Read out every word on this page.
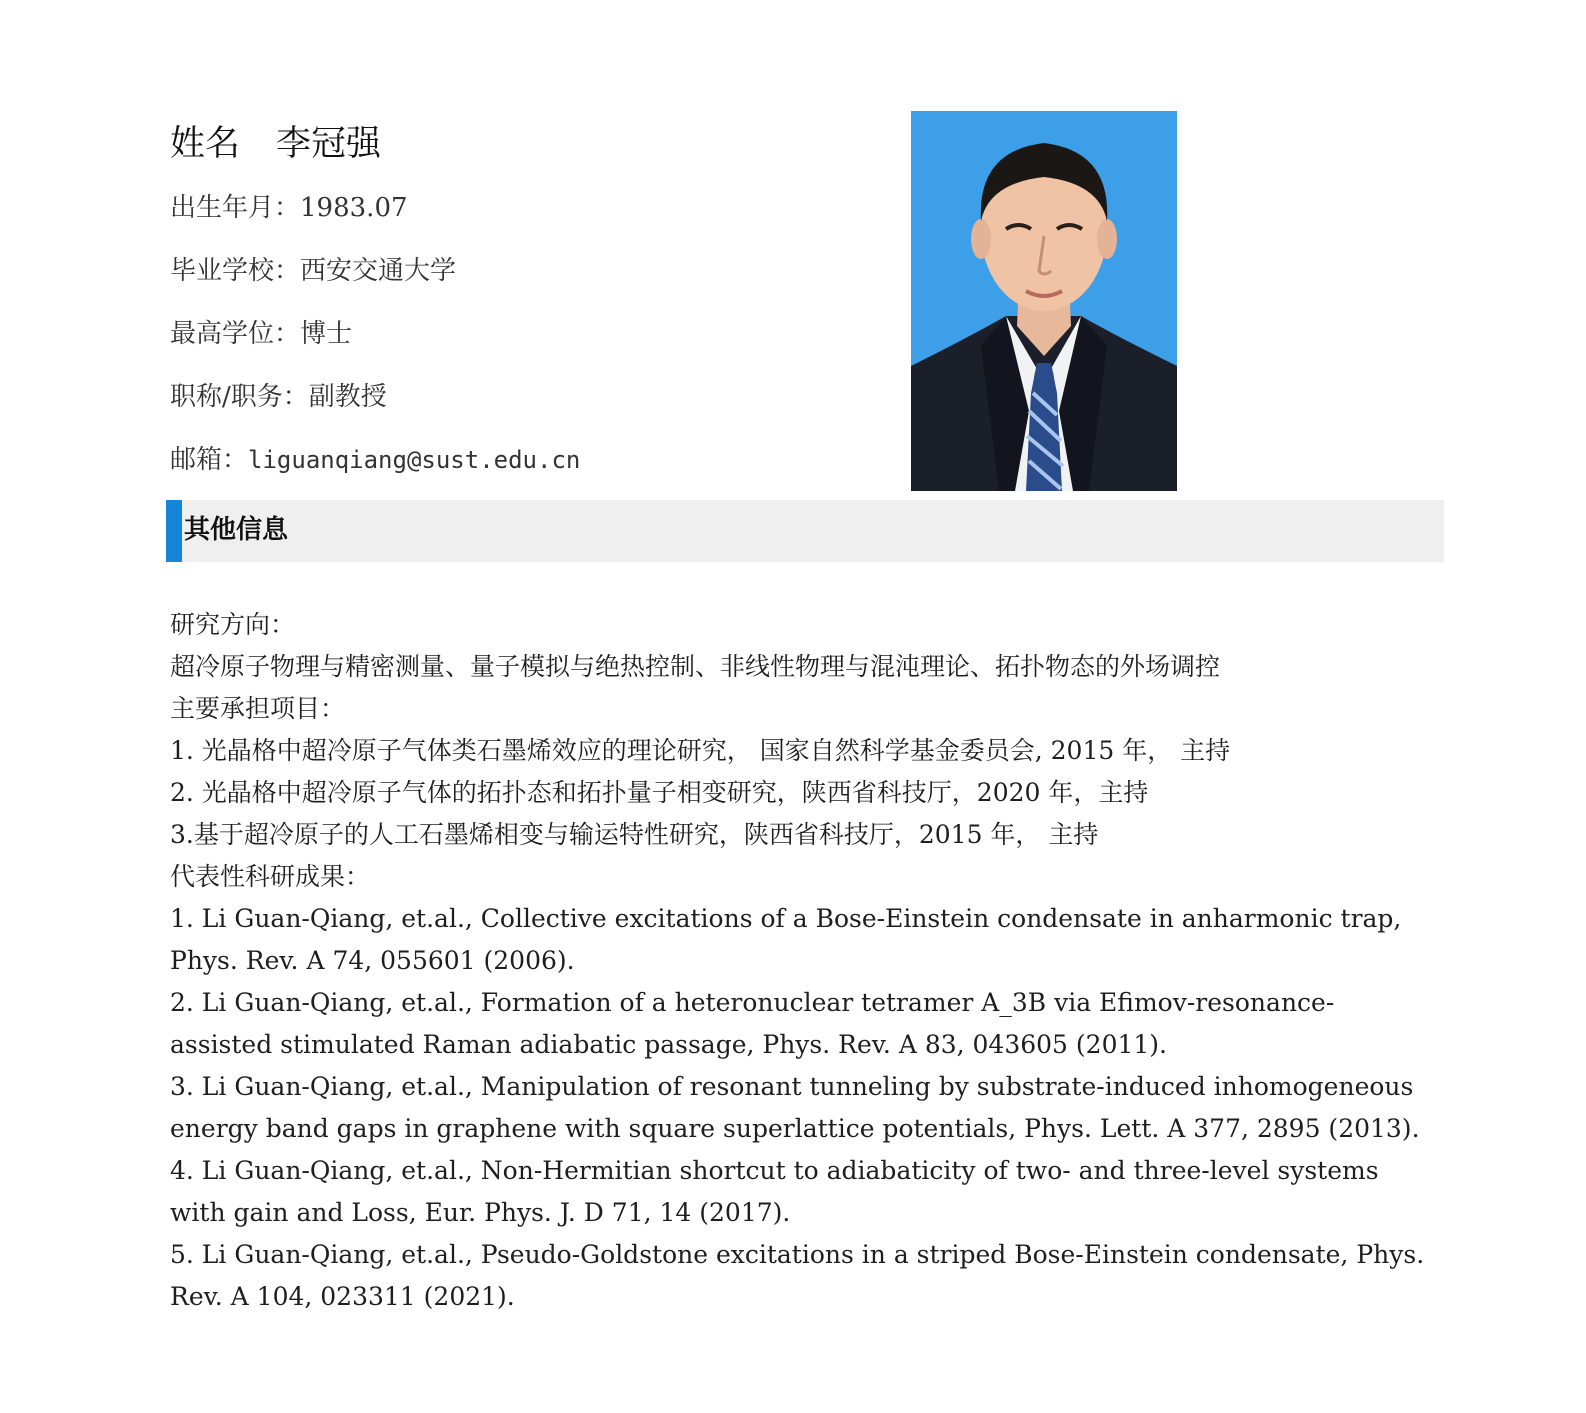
姓名 李冠强
出生年月：1983.07
毕业学校：西安交通大学
最高学位：博士
职称/职务：副教授
邮箱：liguanqiang@sust.edu.cn
其他信息

研究方向：

超冷原子物理与精密测量、量子模拟与绝热控制、非线性物理与混沌理论、拓扑物态的外场调控

主要承担项目：

1. 光晶格中超冷原子气体类石墨烯效应的理论研究， 国家自然科学基金委员会, 2015 年， 主持

2. 光晶格中超冷原子气体的拓扑态和拓扑量子相变研究，陕西省科技厅，2020 年，主持

3.基于超冷原子的人工石墨烯相变与输运特性研究，陕西省科技厅，2015 年， 主持

代表性科研成果：

1. Li Guan-Qiang, et.al., Collective excitations of a Bose-Einstein condensate in anharmonic trap, Phys. Rev. A 74, 055601 (2006).

2. Li Guan-Qiang, et.al., Formation of a heteronuclear tetramer A_3B via Efimov-resonance- assisted stimulated Raman adiabatic passage, Phys. Rev. A 83, 043605 (2011).

3. Li Guan-Qiang, et.al., Manipulation of resonant tunneling by substrate-induced inhomogeneous energy band gaps in graphene with square superlattice potentials, Phys. Lett. A 377, 2895 (2013).

4. Li Guan-Qiang, et.al., Non-Hermitian shortcut to adiabaticity of two- and three-level systems with gain and Loss, Eur. Phys. J. D 71, 14 (2017).

5. Li Guan-Qiang, et.al., Pseudo-Goldstone excitations in a striped Bose-Einstein condensate, Phys. Rev. A 104, 023311 (2021).
